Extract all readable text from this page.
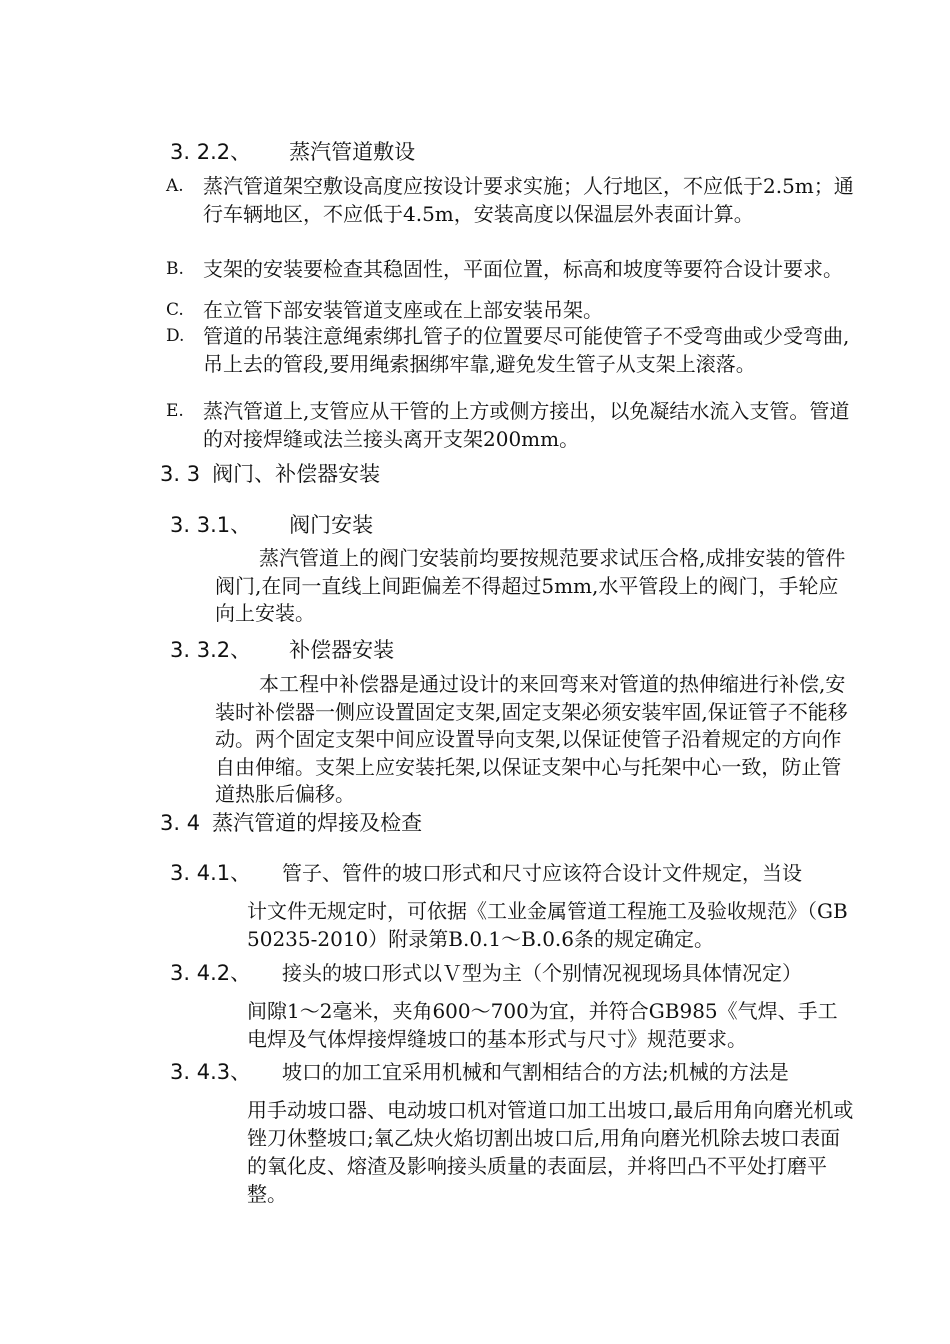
3. 2.2、 蒸汽管道敷设
A. 蒸汽管道架空敷设高度应按设计要求实施；人行地区，不应低于2.5m；通行车辆地区，不应低于4.5m，安装高度以保温层外表面计算。
B. 支架的安装要检查其稳固性，平面位置，标高和坡度等要符合设计要求。
C. 在立管下部安装管道支座或在上部安装吊架。
D. 管道的吊装注意绳索绑扎管子的位置要尽可能使管子不受弯曲或少受弯曲,吊上去的管段,要用绳索捆绑牢靠,避免发生管子从支架上滚落。
E. 蒸汽管道上,支管应从干管的上方或侧方接出，以免凝结水流入支管。管道的对接焊缝或法兰接头离开支架200mm。
3. 3 阀门、补偿器安装
3. 3.1、 阀门安装
蒸汽管道上的阀门安装前均要按规范要求试压合格,成排安装的管件阀门,在同一直线上间距偏差不得超过5mm,水平管段上的阀门，手轮应向上安装。
3. 3.2、 补偿器安装
本工程中补偿器是通过设计的来回弯来对管道的热伸缩进行补偿,安装时补偿器一侧应设置固定支架,固定支架必须安装牢固,保证管子不能移动。两个固定支架中间应设置导向支架,以保证使管子沿着规定的方向作自由伸缩。支架上应安装托架,以保证支架中心与托架中心一致，防止管道热胀后偏移。
3. 4 蒸汽管道的焊接及检查
3. 4.1、 管子、管件的坡口形式和尺寸应该符合设计文件规定，当设
计文件无规定时，可依据《工业金属管道工程施工及验收规范》（GB 50235-2010）附录第B.0.1～B.0.6条的规定确定。
3. 4.2、 接头的坡口形式以Ｖ型为主（个别情况视现场具体情况定）
间隙1～2毫米，夹角600～700为宜，并符合GB985《气焊、手工电焊及气体焊接焊缝坡口的基本形式与尺寸》规范要求。
3. 4.3、 坡口的加工宜采用机械和气割相结合的方法;机械的方法是
用手动坡口器、电动坡口机对管道口加工出坡口,最后用角向磨光机或锉刀休整坡口;氧乙炔火焰切割出坡口后,用角向磨光机除去坡口表面的氧化皮、熔渣及影响接头质量的表面层，并将凹凸不平处打磨平整。
